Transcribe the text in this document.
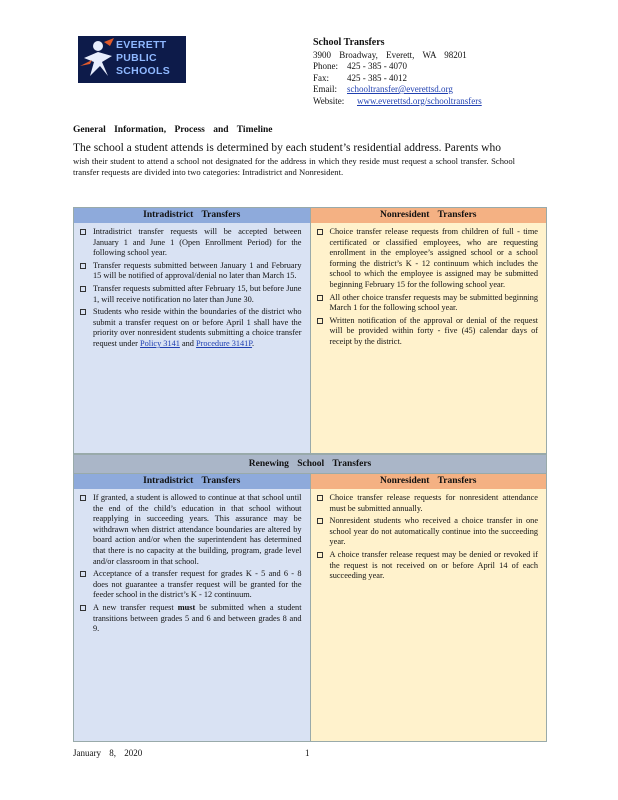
EVERETT
PUBLIC
SCHOOLS
School Transfers
3900 Broadway, Everett, WA 98201
Phone: 425 - 385 - 4070
Fax:	425 - 385 - 4012
Email:	schooltransfer@everettsd.org
Website:	www.everettsd.org/schooltransfers
General Information, Process and Timeline
The school a student attends is determined by each student’s residential address. Parents who
wish their student to attend a school not designated for the address in which they reside must request a school transfer. School transfer requests are divided into two categories: Intradistrict and Nonresident.
Intradistrict Transfers	Nonresident Transfers
Intradistrict transfer requests will be accepted between January 1 and June 1 (Open Enrollment Period) for the following school year.
Transfer requests submitted between January 1 and February 15 will be notified of approval/denial no later than March 15.
Transfer requests submitted after February 15, but before June 1, will receive notification no later than June 30.
Students who reside within the boundaries of the district who submit a transfer request on or before April 1 shall have the priority over nonresident students submitting a choice transfer request under Policy 3141 and Procedure 3141P.
Choice transfer release requests from children of full - time certificated or classified employees, who are requesting enrollment in the employee’s assigned school or a school forming the district’s K - 12 continuum which includes the school to which the employee is assigned may be submitted beginning February 15 for the following school year.
All other choice transfer requests may be submitted beginning March 1 for the following school year.
Written notification of the approval or denial of the request will be provided within forty - five (45) calendar days of receipt by the district.
Renewing School Transfers
Intradistrict Transfers	Nonresident Transfers
If granted, a student is allowed to continue at that school until the end of the child’s education in that school without reapplying in succeeding years. This assurance may be withdrawn when district attendance boundaries are altered by board action and/or when the superintendent has determined that there is no capacity at the building, program, grade level and/or classroom in that school.
Acceptance of a transfer request for grades K - 5 and 6 - 8 does not guarantee a transfer request will be granted for the feeder school in the district’s K - 12 continuum.
A new transfer request must be submitted when a student transitions between grades 5 and 6 and between grades 8 and 9.
Choice transfer release requests for nonresident attendance must be submitted annually.
Nonresident students who received a choice transfer in one school year do not automatically continue into the succeeding year.
A choice transfer release request may be denied or revoked if the request is not received on or before April 14 of each succeeding year.
January 8, 2020	1
